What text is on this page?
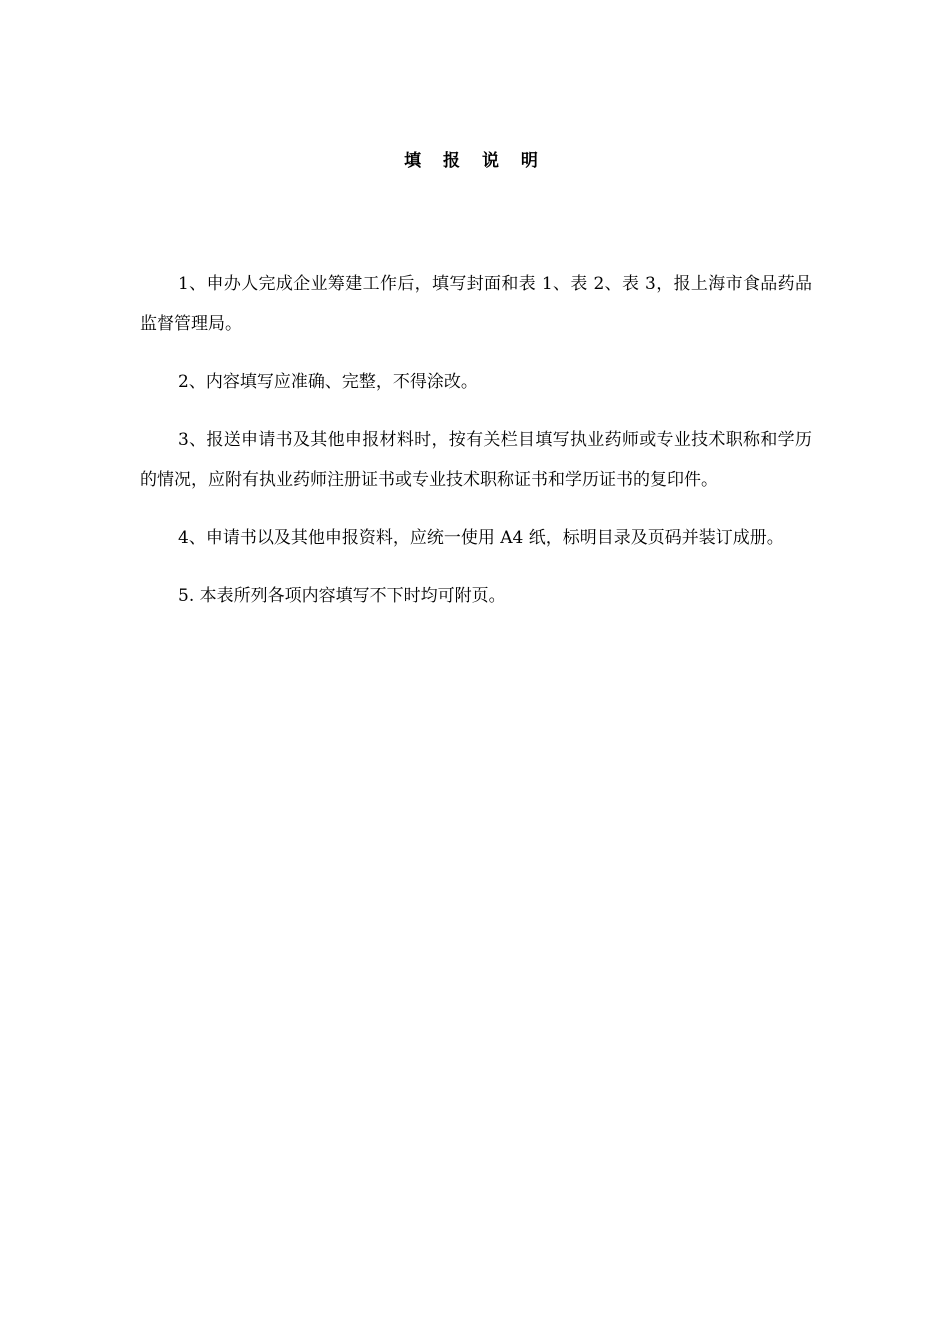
填 报 说 明

1、申办人完成企业筹建工作后，填写封面和表 1、表 2、表 3，报上海市食品药品监督管理局。

2、内容填写应准确、完整，不得涂改。

3、报送申请书及其他申报材料时，按有关栏目填写执业药师或专业技术职称和学历的情况，应附有执业药师注册证书或专业技术职称证书和学历证书的复印件。

4、申请书以及其他申报资料，应统一使用 A4 纸，标明目录及页码并装订成册。

5. 本表所列各项内容填写不下时均可附页。
